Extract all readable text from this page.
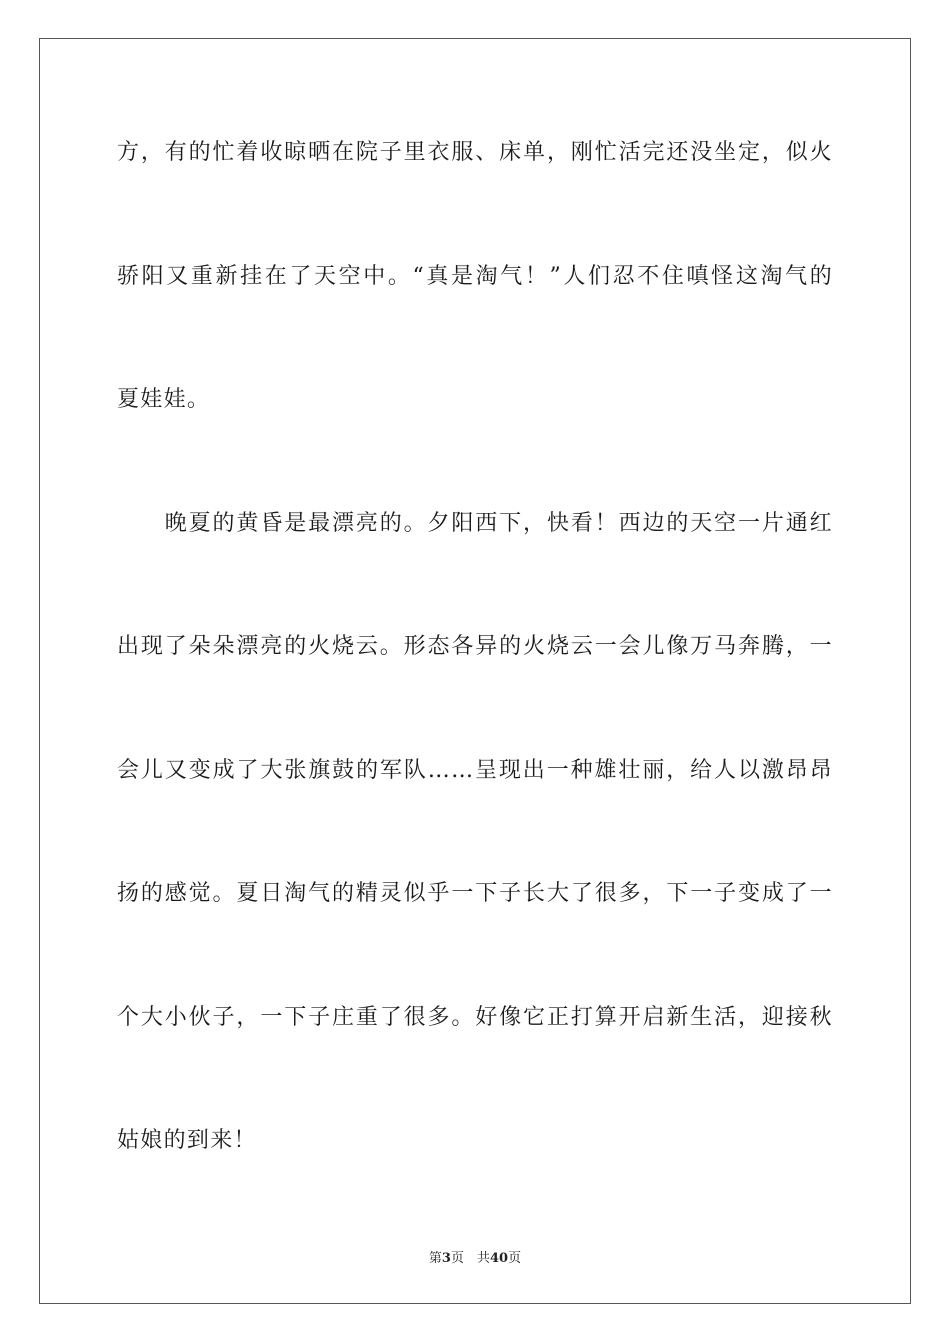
方，有的忙着收晾晒在院子里衣服、床单，刚忙活完还没坐定，似火
骄阳又重新挂在了天空中。“真是淘气！”人们忍不住嗔怪这淘气的
夏娃娃。
　　晚夏的黄昏是最漂亮的。夕阳西下，快看！西边的天空一片通红
出现了朵朵漂亮的火烧云。形态各异的火烧云一会儿像万马奔腾，一
会儿又变成了大张旗鼓的军队……呈现出一种雄壮丽，给人以激昂昂
扬的感觉。夏日淘气的精灵似乎一下子长大了很多，下一子变成了一
个大小伙子，一下子庄重了很多。好像它正打算开启新生活，迎接秋
姑娘的到来！
第3页　 共40页
